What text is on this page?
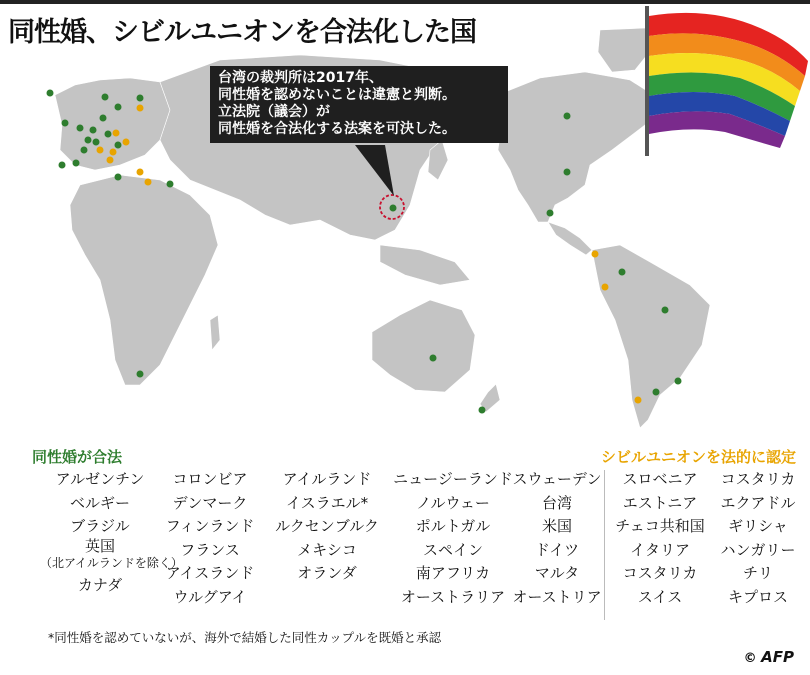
同性婚、シビルユニオンを合法化した国
台湾の裁判所は2017年、
同性婚を認めないことは違憲と判断。
立法院（議会）が
同性婚を合法化する法案を可決した。
同性婚が合法	シビルユニオンを法的に認定
アルゼンチン
ベルギー
ブラジル
英国
（北アイルランドを除く）
カナダ
コロンビア
デンマーク
フィンランド
フランス
アイスランド
ウルグアイ
アイルランド
イスラエル*
ルクセンブルク
メキシコ
オランダ
ニュージーランド
ノルウェー
ポルトガル
スペイン
南アフリカ
オーストラリア
スウェーデン
台湾
米国
ドイツ
マルタ
オーストリア
スロベニア
エストニア
チェコ共和国
イタリア
コスタリカ
スイス
コスタリカ
エクアドル
ギリシャ
ハンガリー
チリ
キプロス
*同性婚を認めていないが、海外で結婚した同性カップルを既婚と承認
© AFP
